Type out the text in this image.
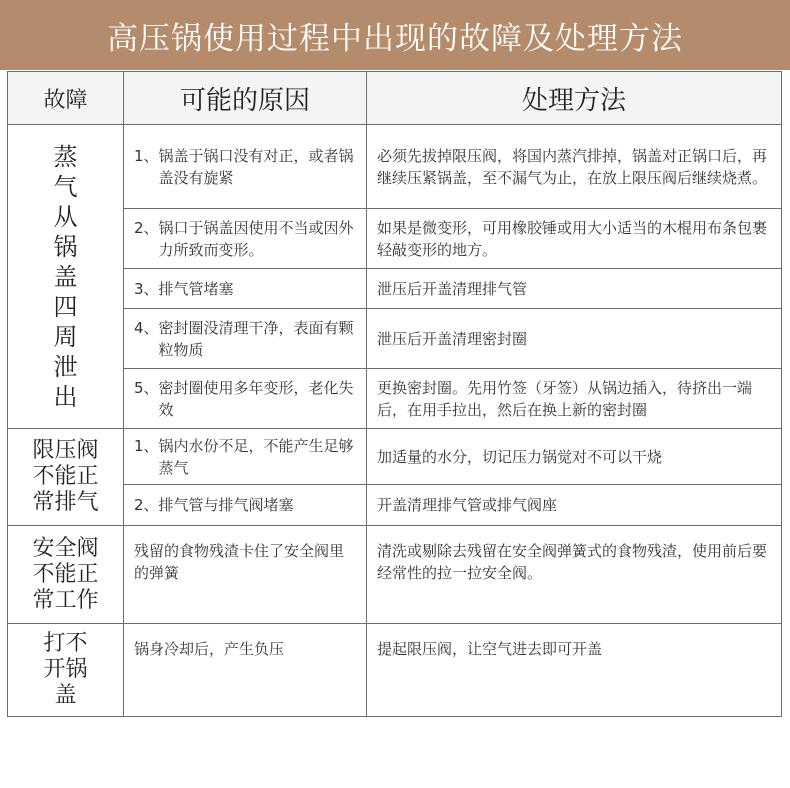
高压锅使用过程中出现的故障及处理方法
故障	可能的原因	处理方法

蒸气从锅盖四周泄出	1、 锅盖于锅口没有对正，或者锅盖没有旋紧	必须先拔掉限压阀，将国内蒸汽排掉，锅盖对正锅口后，再继续压紧锅盖，至不漏气为止，在放上限压阀后继续烧煮。

	2、 锅口于锅盖因使用不当或因外力所致而变形。	如果是微变形，可用橡胶锤或用大小适当的木棍用布条包裹轻敲变形的地方。

	3、 排气管堵塞	泄压后开盖清理排气管

	4、 密封圈没清理干净，表面有颗粒物质	泄压后开盖清理密封圈

	5、 密封圈使用多年变形，老化失效	更换密封圈。先用竹签（牙签）从锅边插入，待挤出一端后，在用手拉出，然后在换上新的密封圈

限压阀不能正常排气	1、 锅内水份不足，不能产生足够蒸气	加适量的水分，切记压力锅觉对不可以干烧

	2、 排气管与排气阀堵塞	开盖清理排气管或排气阀座

安全阀不能正常工作	残留的食物残渣卡住了安全阀里的弹簧	清洗或剔除去残留在安全阀弹簧式的食物残渣，使用前后要经常性的拉一拉安全阀。

打不开锅盖	锅身冷却后，产生负压	提起限压阀，让空气进去即可开盖
